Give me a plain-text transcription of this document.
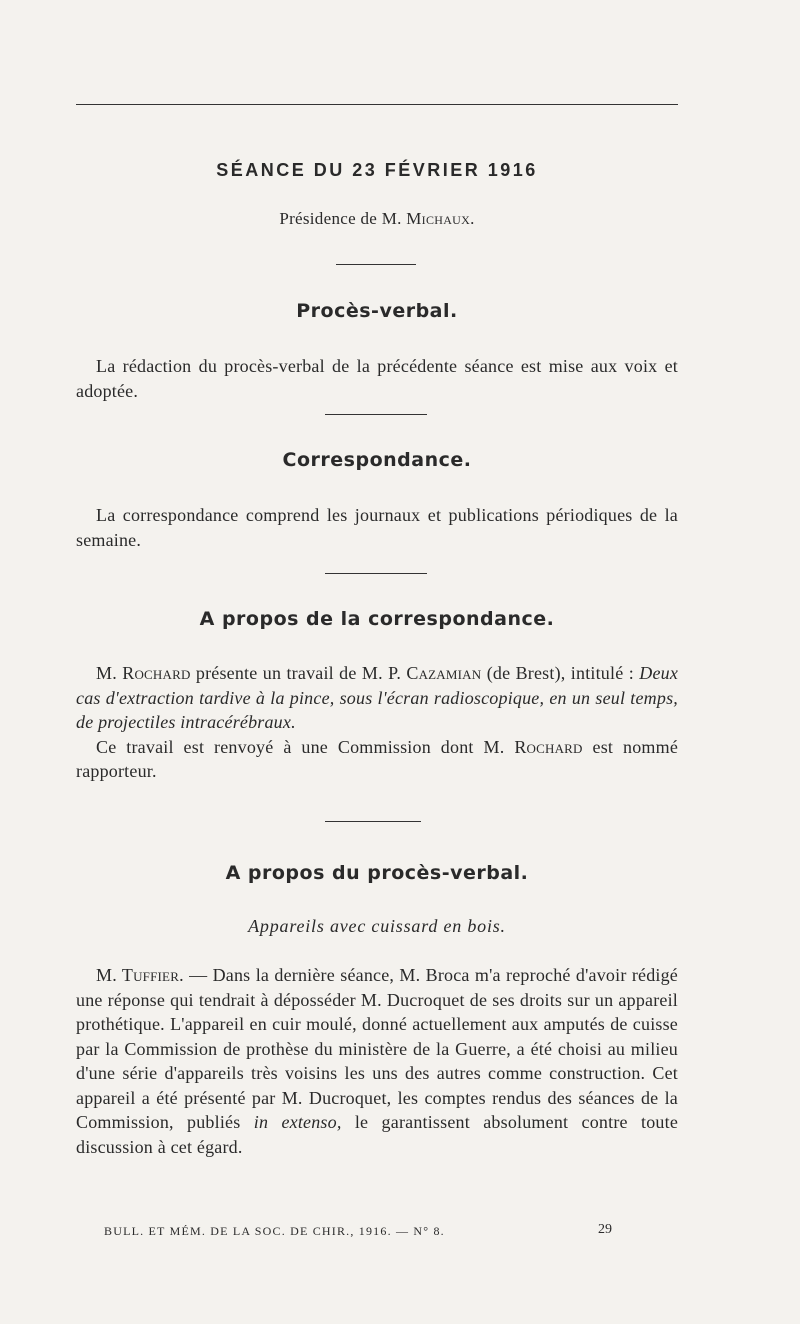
SÉANCE DU 23 FÉVRIER 1916
Présidence de M. Michaux.
Procès-verbal.

La rédaction du procès-verbal de la précédente séance est mise aux voix et adoptée.

Correspondance.

La correspondance comprend les journaux et publications périodiques de la semaine.

A propos de la correspondance.

M. Rochard présente un travail de M. P. Cazamian (de Brest), intitulé : Deux cas d'extraction tardive à la pince, sous l'écran radioscopique, en un seul temps, de projectiles intracérébraux.

Ce travail est renvoyé à une Commission dont M. Rochard est nommé rapporteur.

A propos du procès-verbal.
Appareils avec cuissard en bois.

M. Tuffier. — Dans la dernière séance, M. Broca m'a reproché d'avoir rédigé une réponse qui tendrait à déposséder M. Ducroquet de ses droits sur un appareil prothétique. L'appareil en cuir moulé, donné actuellement aux amputés de cuisse par la Commission de prothèse du ministère de la Guerre, a été choisi au milieu d'une série d'appareils très voisins les uns des autres comme construction. Cet appareil a été présenté par M. Ducroquet, les comptes rendus des séances de la Commission, publiés in extenso, le garantissent absolument contre toute discussion à cet égard.

BULL. ET MÉM. DE LA SOC. DE CHIR., 1916. — N° 8.	29
